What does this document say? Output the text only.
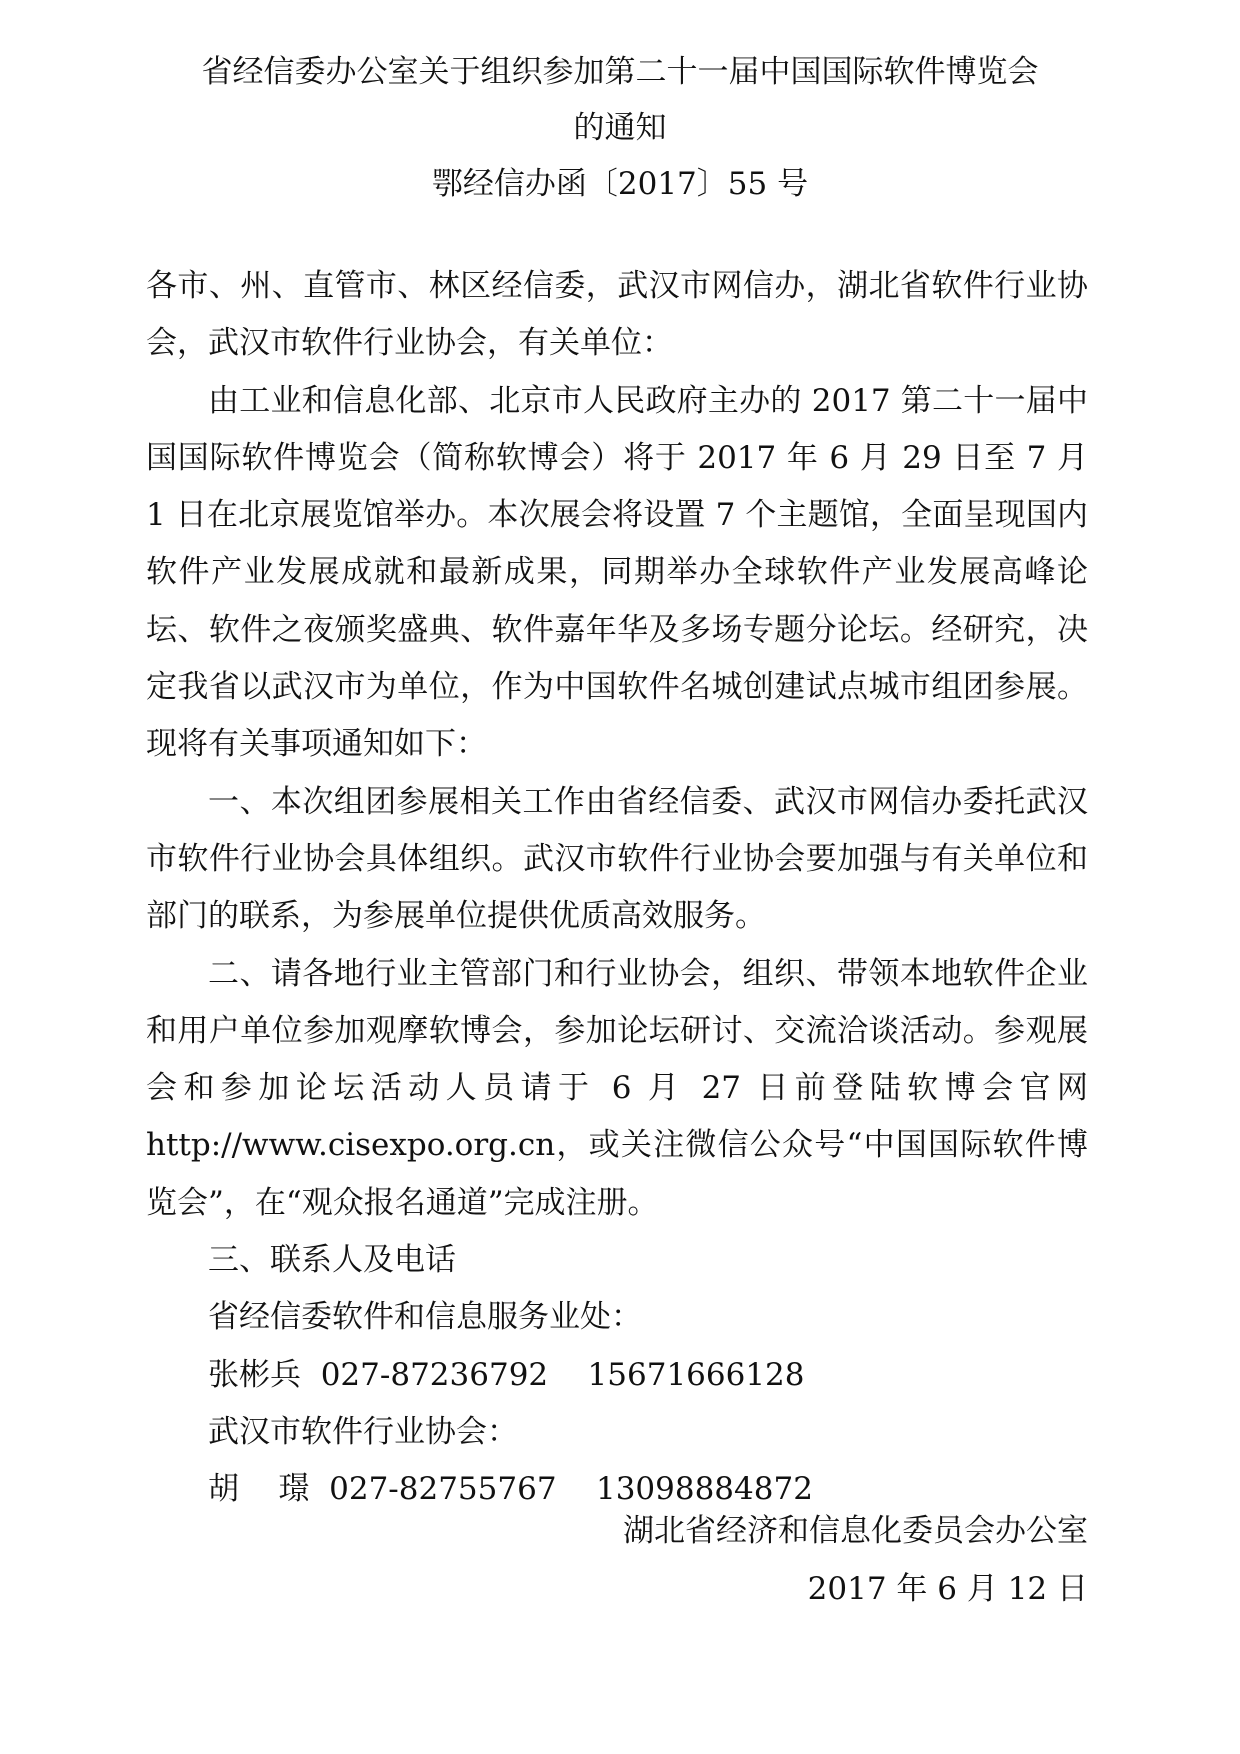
省经信委办公室关于组织参加第二十一届中国国际软件博览会
的通知
鄂经信办函〔2017〕55 号

各市、州、直管市、林区经信委，武汉市网信办，湖北省软件行业协会，武汉市软件行业协会，有关单位：

由工业和信息化部、北京市人民政府主办的 2017 第二十一届中国国际软件博览会（简称软博会）将于 2017 年 6 月 29 日至 7 月 1 日在北京展览馆举办。本次展会将设置 7 个主题馆，全面呈现国内软件产业发展成就和最新成果，同期举办全球软件产业发展高峰论坛、软件之夜颁奖盛典、软件嘉年华及多场专题分论坛。经研究，决定我省以武汉市为单位，作为中国软件名城创建试点城市组团参展。现将有关事项通知如下：

一、本次组团参展相关工作由省经信委、武汉市网信办委托武汉市软件行业协会具体组织。武汉市软件行业协会要加强与有关单位和部门的联系，为参展单位提供优质高效服务。

二、请各地行业主管部门和行业协会，组织、带领本地软件企业和用户单位参加观摩软博会，参加论坛研讨、交流洽谈活动。参观展会和参加论坛活动人员请于 6 月 27 日前登陆软博会官网 http://www.cisexpo.org.cn，或关注微信公众号“中国国际软件博览会”，在“观众报名通道”完成注册。

三、联系人及电话

省经信委软件和信息服务业处：

张彬兵  027-87236792    15671666128

武汉市软件行业协会：

胡    璟  027-82755767    13098884872

湖北省经济和信息化委员会办公室
2017 年 6 月 12 日
